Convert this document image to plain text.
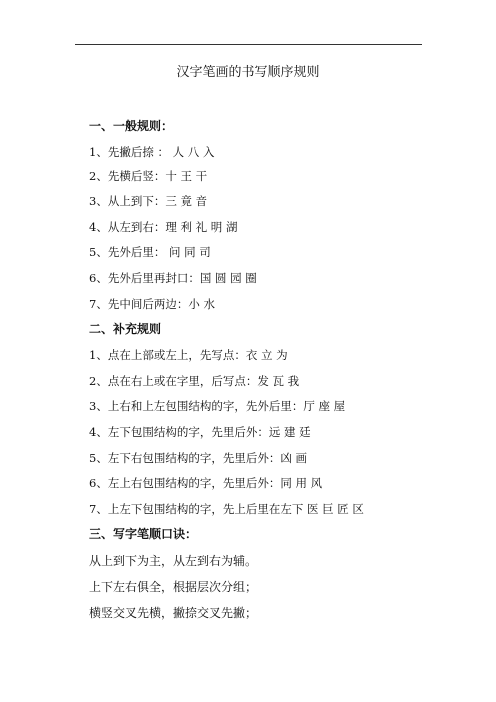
汉字笔画的书写顺序规则
一、一般规则：
1、先撇后捺 ： 人 八 入
2、先横后竖：十 王 干
3、从上到下：三 竟 音
4、从左到右：理 利 礼 明 湖
5、先外后里： 问 同 司
6、先外后里再封口：国 圆 园 圈
7、先中间后两边：小 水
二、补充规则
1、点在上部或左上，先写点：衣 立 为
2、点在右上或在字里，后写点：发 瓦 我
3、上右和上左包围结构的字，先外后里：厅 座 屋
4、左下包围结构的字，先里后外：远 建 廷
5、左下右包围结构的字，先里后外：凶 画
6、左上右包围结构的字，先里后外：同 用 风
7、上左下包围结构的字，先上后里在左下 医 巨 匠 区
三、写字笔顺口诀：
从上到下为主，从左到右为辅。
上下左右俱全，根据层次分组；
横竖交叉先横，撇捺交叉先撇；
